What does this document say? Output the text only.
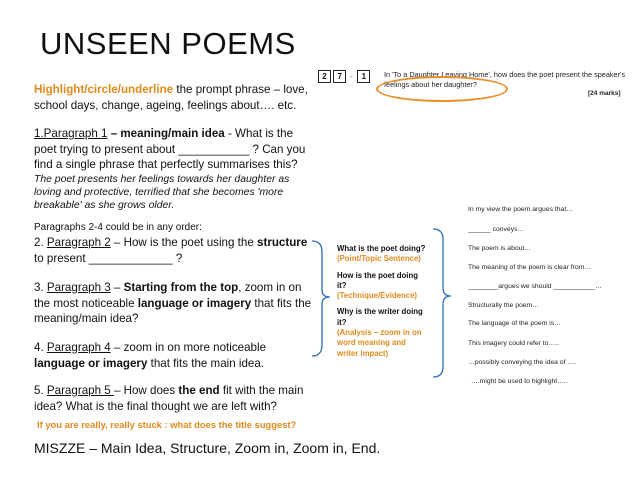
UNSEEN POEMS
Highlight/circle/underline the prompt phrase – love, school days, change, ageing, feelings about…. etc.
1.Paragraph 1 – meaning/main idea - What is the poet trying to present about ___________ ? Can you find a single phrase that perfectly summarises this?
The poet presents her feelings towards her daughter as loving and protective, terrified that she becomes 'more breakable' as she grows older.
Paragraphs 2-4 could be in any order:
2. Paragraph 2 – How is the poet using the structure to present _____________ ?
3. Paragraph 3 – Starting from the top, zoom in on the most noticeable language or imagery that fits the meaning/main idea?
4. Paragraph 4 – zoom in on more noticeable language or imagery that fits the main idea.
5. Paragraph 5 – How does the end fit with the main idea? What is the final thought we are left with?
If you are really, really stuck : what does the title suggest?
MISZZE – Main Idea, Structure, Zoom in, Zoom in, End.
2 7 · 1	In 'To a Daughter Leaving Home', how does the poet present the speaker's feelings about her daughter?
[24 marks]
What is the poet doing?
(Point/Topic Sentence)
How is the poet doing it?
(Technique/Evidence)
Why is the writer doing it?
(Analysis – zoom in on word meaning and writer impact)
In my view the poem argues that…
______ conveys…
The poem is about…
The meaning of the poem is clear from…
________argues we should ___________…
Structurally the poem…
The language of the poem is…
This imagery could refer to…..
…possibly conveying the idea of ….
….might be used to highlight…..
